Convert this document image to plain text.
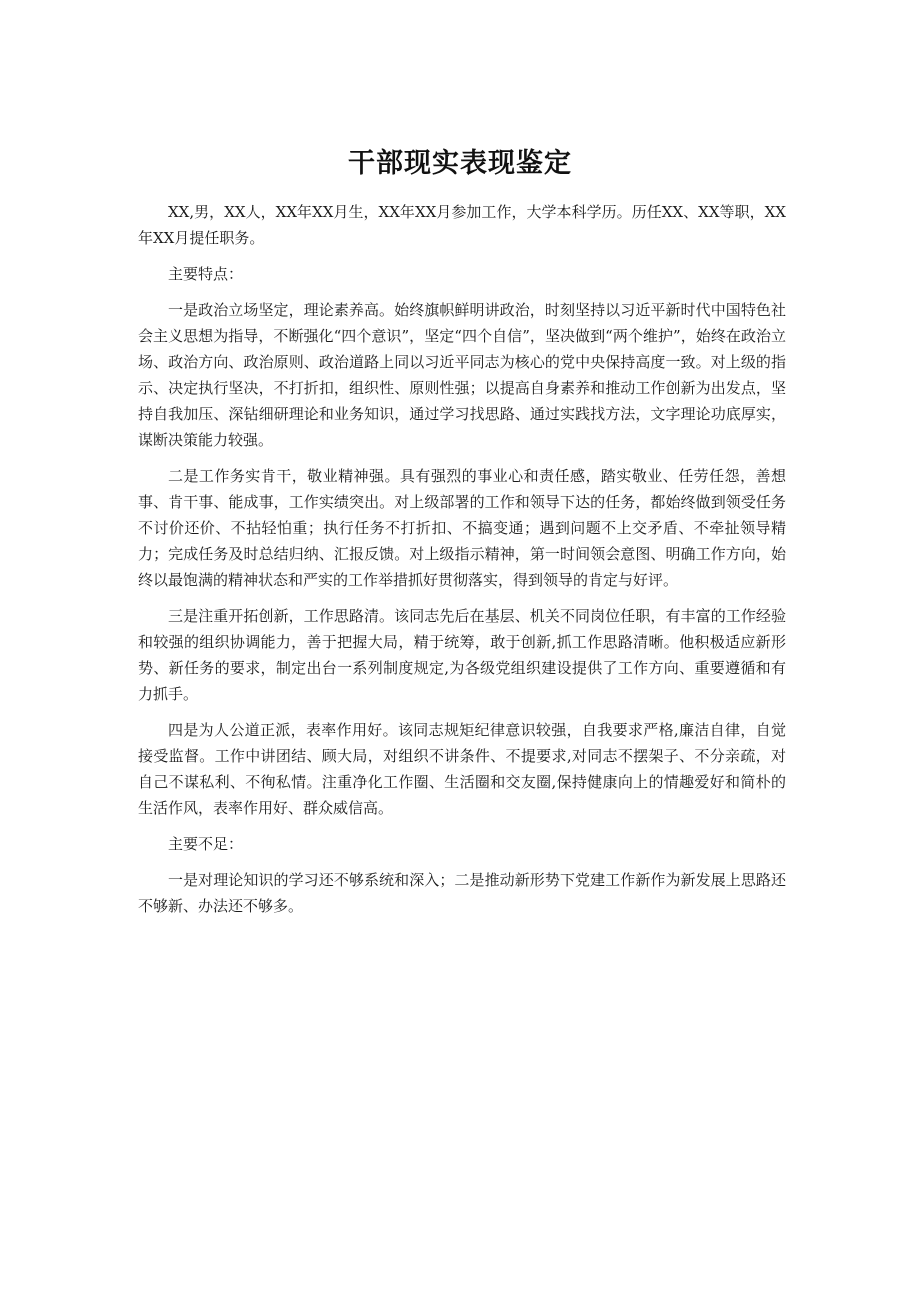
干部现实表现鉴定

XX,男，XX人，XX年XX月生，XX年XX月参加工作，大学本科学历。历任XX、XX等职，XX年XX月提任职务。

主要特点：

一是政治立场坚定，理论素养高。始终旗帜鲜明讲政治，时刻坚持以习近平新时代中国特色社会主义思想为指导，不断强化“四个意识”，坚定“四个自信”，坚决做到“两个维护”，始终在政治立场、政治方向、政治原则、政治道路上同以习近平同志为核心的党中央保持高度一致。对上级的指示、决定执行坚决，不打折扣，组织性、原则性强；以提高自身素养和推动工作创新为出发点，坚持自我加压、深钻细研理论和业务知识，通过学习找思路、通过实践找方法，文字理论功底厚实，谋断决策能力较强。

二是工作务实肯干，敬业精神强。具有强烈的事业心和责任感，踏实敬业、任劳任怨，善想事、肯干事、能成事，工作实绩突出。对上级部署的工作和领导下达的任务，都始终做到领受任务不讨价还价、不拈轻怕重；执行任务不打折扣、不搞变通；遇到问题不上交矛盾、不牵扯领导精力；完成任务及时总结归纳、汇报反馈。对上级指示精神，第一时间领会意图、明确工作方向，始终以最饱满的精神状态和严实的工作举措抓好贯彻落实，得到领导的肯定与好评。

三是注重开拓创新，工作思路清。该同志先后在基层、机关不同岗位任职，有丰富的工作经验和较强的组织协调能力，善于把握大局，精于统筹，敢于创新,抓工作思路清晰。他积极适应新形势、新任务的要求，制定出台一系列制度规定,为各级党组织建设提供了工作方向、重要遵循和有力抓手。

四是为人公道正派，表率作用好。该同志规矩纪律意识较强，自我要求严格,廉洁自律，自觉接受监督。工作中讲团结、顾大局，对组织不讲条件、不提要求,对同志不摆架子、不分亲疏，对自己不谋私利、不徇私情。注重净化工作圈、生活圈和交友圈,保持健康向上的情趣爱好和简朴的生活作风，表率作用好、群众威信高。

主要不足：

一是对理论知识的学习还不够系统和深入；二是推动新形势下党建工作新作为新发展上思路还不够新、办法还不够多。
